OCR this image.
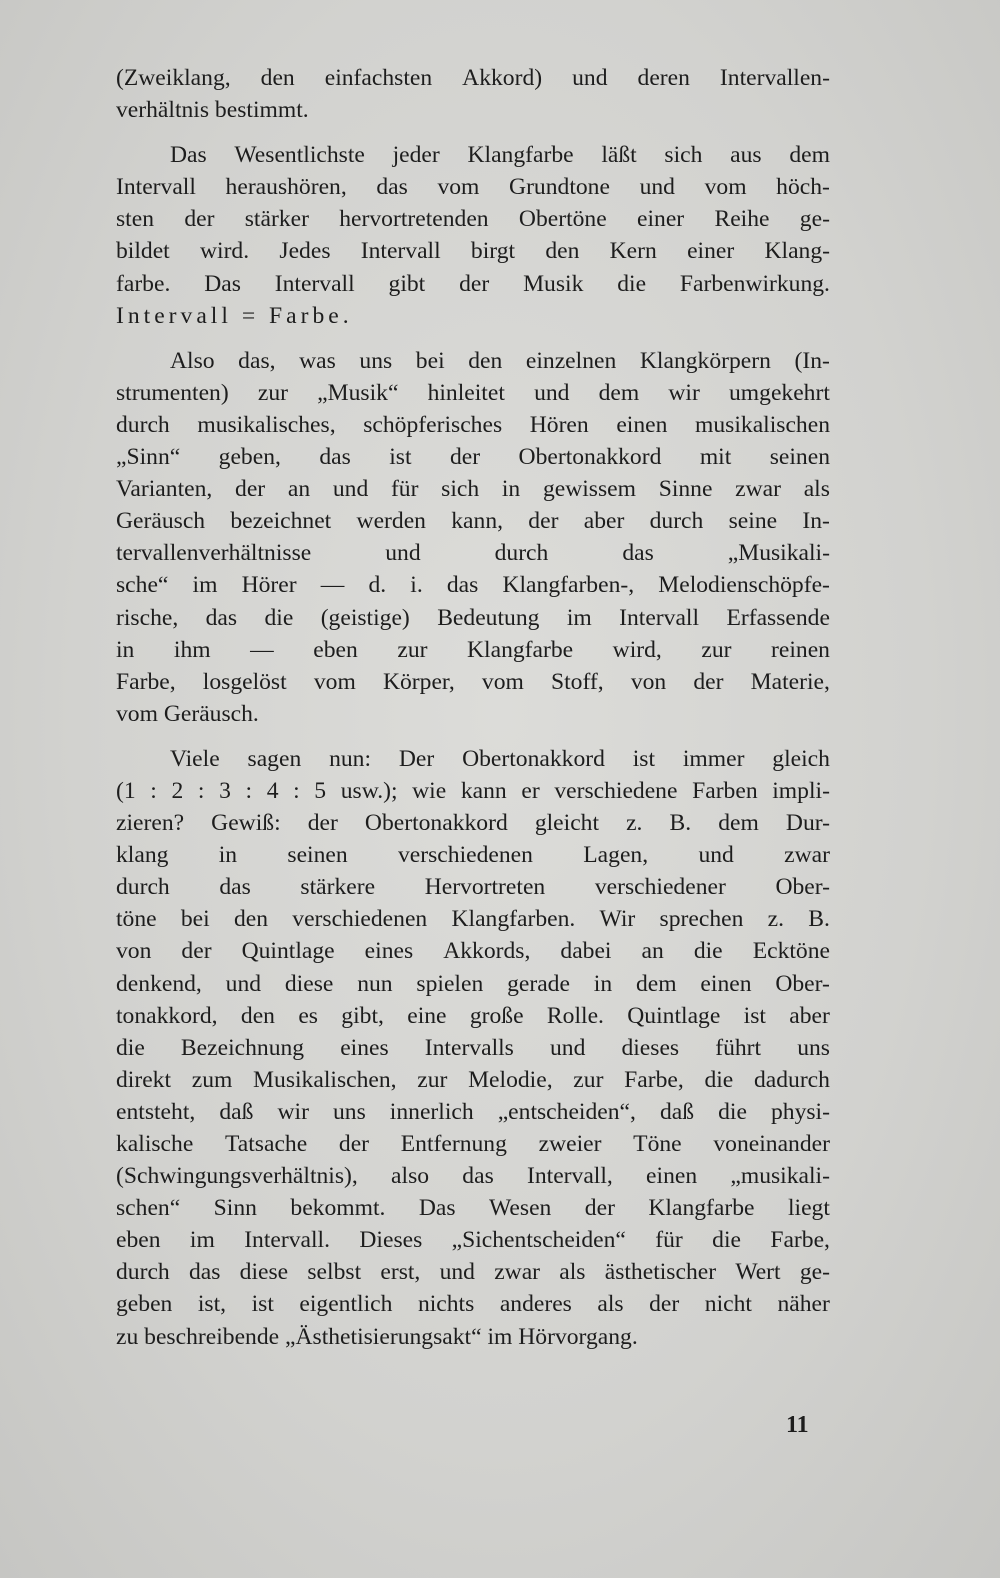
(Zweiklang, den einfachsten Akkord) und deren Intervallen-
verhältnis bestimmt.
Das Wesentlichste jeder Klangfarbe läßt sich aus dem
Intervall heraushören, das vom Grundtone und vom höch-
sten der stärker hervortretenden Obertöne einer Reihe ge-
bildet wird. Jedes Intervall birgt den Kern einer Klang-
farbe. Das Intervall gibt der Musik die Farbenwirkung.
Intervall = Farbe.
Also das, was uns bei den einzelnen Klangkörpern (In-
strumenten) zur „Musik“ hinleitet und dem wir umgekehrt
durch musikalisches, schöpferisches Hören einen musikalischen
„Sinn“ geben, das ist der Obertonakkord mit seinen
Varianten, der an und für sich in gewissem Sinne zwar als
Geräusch bezeichnet werden kann, der aber durch seine In-
tervallenverhältnisse	und	durch	das	„Musikali-
sche“ im Hörer — d. i. das Klangfarben-, Melodienschöpfe-
rische, das die (geistige) Bedeutung im Intervall Erfassende
in ihm — eben zur Klangfarbe wird, zur reinen
Farbe, losgelöst vom Körper, vom Stoff, von der Materie,
vom Geräusch.
Viele sagen nun: Der Obertonakkord ist immer gleich
(1 : 2 : 3 : 4 : 5 usw.); wie kann er verschiedene Farben impli-
zieren? Gewiß: der Obertonakkord gleicht z. B. dem Dur-
klang in seinen verschiedenen Lagen, und zwar
durch das stärkere Hervortreten verschiedener Ober-
töne bei den verschiedenen Klangfarben. Wir sprechen z. B.
von der Quintlage eines Akkords, dabei an die Ecktöne
denkend, und diese nun spielen gerade in dem einen Ober-
tonakkord, den es gibt, eine große Rolle. Quintlage ist aber
die Bezeichnung eines Intervalls und dieses führt uns
direkt zum Musikalischen, zur Melodie, zur Farbe, die dadurch
entsteht, daß wir uns innerlich „entscheiden“, daß die physi-
kalische Tatsache der Entfernung zweier Töne voneinander
(Schwingungsverhältnis), also das Intervall, einen „musikali-
schen“ Sinn bekommt. Das Wesen der Klangfarbe liegt
eben im Intervall. Dieses „Sichentscheiden“ für die Farbe,
durch das diese selbst erst, und zwar als ästhetischer Wert ge-
geben ist, ist eigentlich nichts anderes als der nicht näher
zu beschreibende „Ästhetisierungsakt“ im Hörvorgang.
11
